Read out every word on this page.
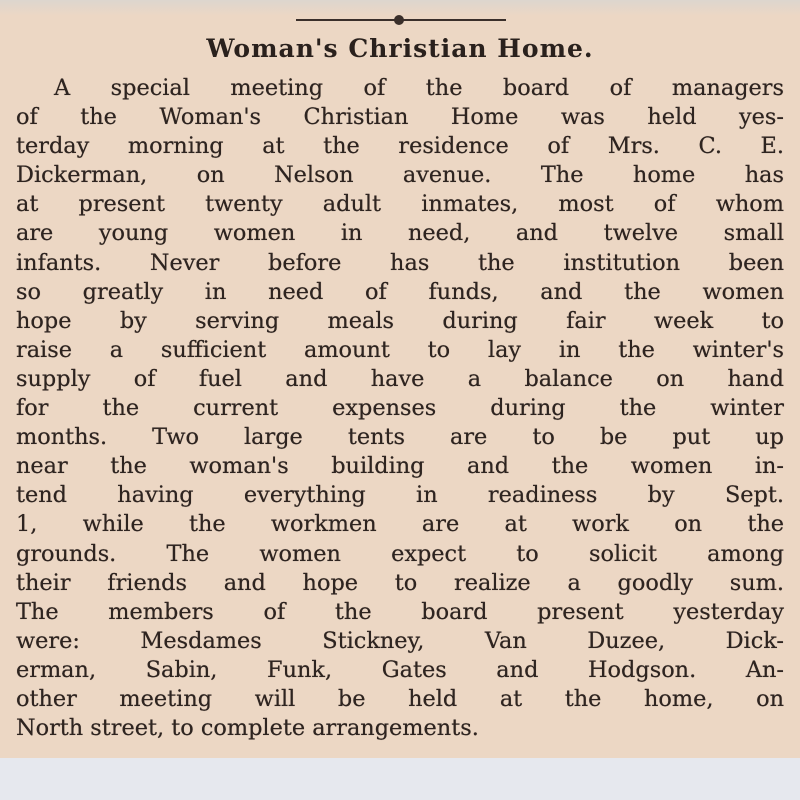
Woman's Christian Home.
A special meeting of the board of managers
of the Woman's Christian Home was held yes-
terday morning at the residence of Mrs. C. E.
Dickerman, on Nelson avenue. The home has
at present twenty adult inmates, most of whom
are young women in need, and twelve small
infants. Never before has the institution been
so greatly in need of funds, and the women
hope by serving meals during fair week to
raise a sufficient amount to lay in the winter's
supply of fuel and have a balance on hand
for the current expenses during the winter
months. Two large tents are to be put up
near the woman's building and the women in-
tend having everything in readiness by Sept.
1, while the workmen are at work on the
grounds. The women expect to solicit among
their friends and hope to realize a goodly sum.
The members of the board present yesterday
were: Mesdames Stickney, Van Duzee, Dick-
erman, Sabin, Funk, Gates and Hodgson. An-
other meeting will be held at the home, on
North street, to complete arrangements.
